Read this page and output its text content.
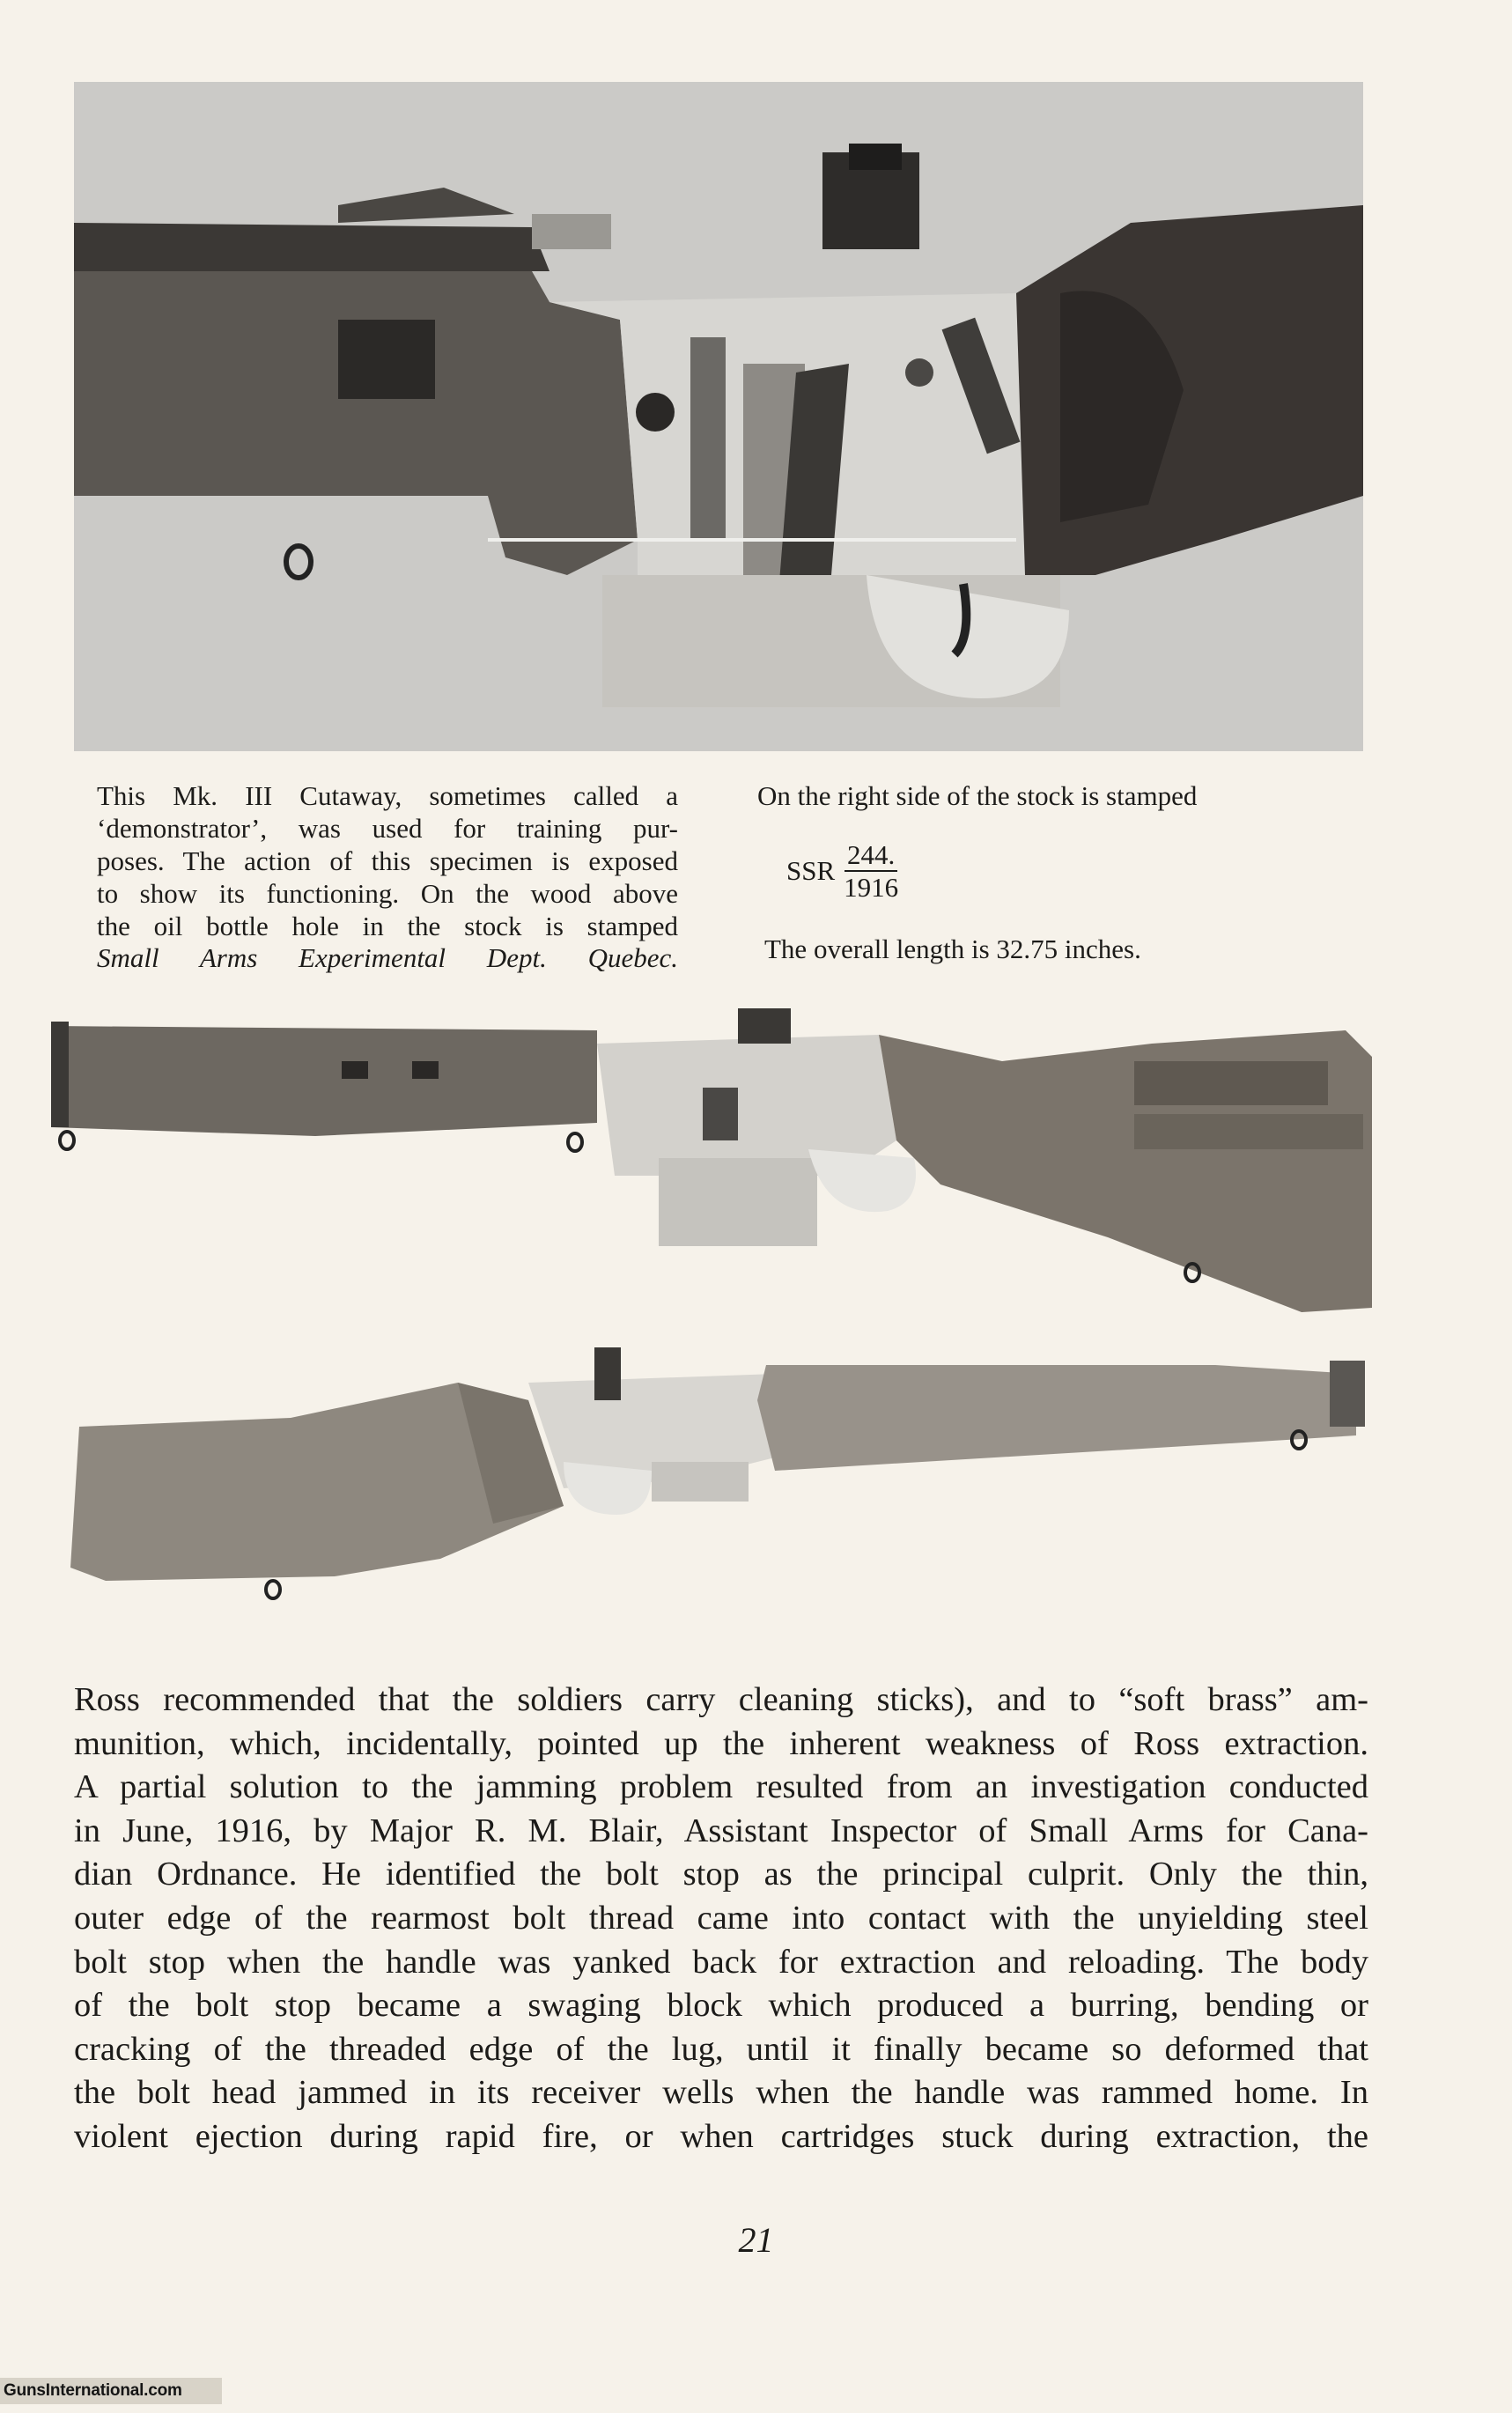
This Mk. III Cutaway, sometimes called a
‘demonstrator’, was used for training pur-
poses. The action of this specimen is exposed
to show its functioning. On the wood above
the oil bottle hole in the stock is stamped
Small Arms Experimental Dept. Quebec.
On the right side of the stock is stamped
SSR $\frac{244.}{1916}$
The overall length is 32.75 inches.
Ross recommended that the soldiers carry cleaning sticks), and to “soft brass” am-
munition, which, incidentally, pointed up the inherent weakness of Ross extraction.
A partial solution to the jamming problem resulted from an investigation conducted
in June, 1916, by Major R. M. Blair, Assistant Inspector of Small Arms for Cana-
dian Ordnance. He identified the bolt stop as the principal culprit. Only the thin,
outer edge of the rearmost bolt thread came into contact with the unyielding steel
bolt stop when the handle was yanked back for extraction and reloading. The body
of the bolt stop became a swaging block which produced a burring, bending or
cracking of the threaded edge of the lug, until it finally became so deformed that
the bolt head jammed in its receiver wells when the handle was rammed home. In
violent ejection during rapid fire, or when cartridges stuck during extraction, the
21
GunsInternational.com
